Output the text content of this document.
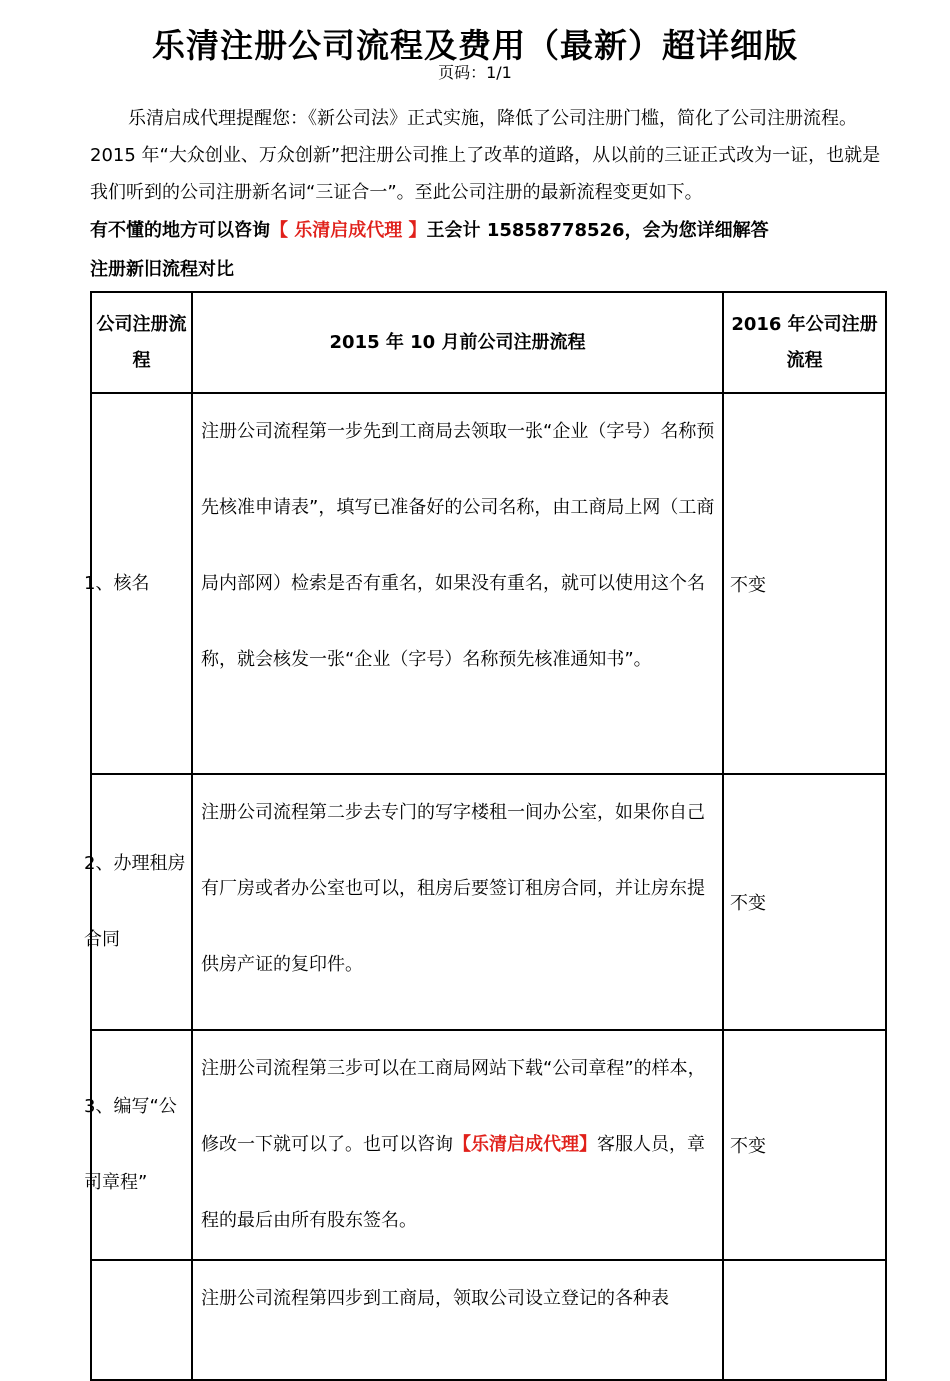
乐清注册公司流程及费用（最新）超详细版
页码：1/1
乐清启成代理提醒您：《新公司法》正式实施，降低了公司注册门槛，简化了公司注册流程。2015 年“大众创业、万众创新”把注册公司推上了改革的道路，从以前的三证正式改为一证，也就是我们听到的公司注册新名词“三证合一”。至此公司注册的最新流程变更如下。
有不懂的地方可以咨询【 乐清启成代理 】王会计 15858778526，会为您详细解答
注册新旧流程对比
公司注册流程	2015 年 10 月前公司注册流程	2016 年公司注册流程

1、核名	注册公司流程第一步先到工商局去领取一张“企业（字号）名称预先核准申请表”，填写已准备好的公司名称，由工商局上网（工商局内部网）检索是否有重名，如果没有重名，就可以使用这个名称，就会核发一张“企业（字号）名称预先核准通知书”。	不变

2、办理租房合同	注册公司流程第二步去专门的写字楼租一间办公室，如果你自己有厂房或者办公室也可以，租房后要签订租房合同，并让房东提供房产证的复印件。	不变

3、编写“公司章程”	注册公司流程第三步可以在工商局网站下载“公司章程”的样本，修改一下就可以了。也可以咨询【乐清启成代理】客服人员，章程的最后由所有股东签名。	不变

	注册公司流程第四步到工商局，领取公司设立登记的各种表	
